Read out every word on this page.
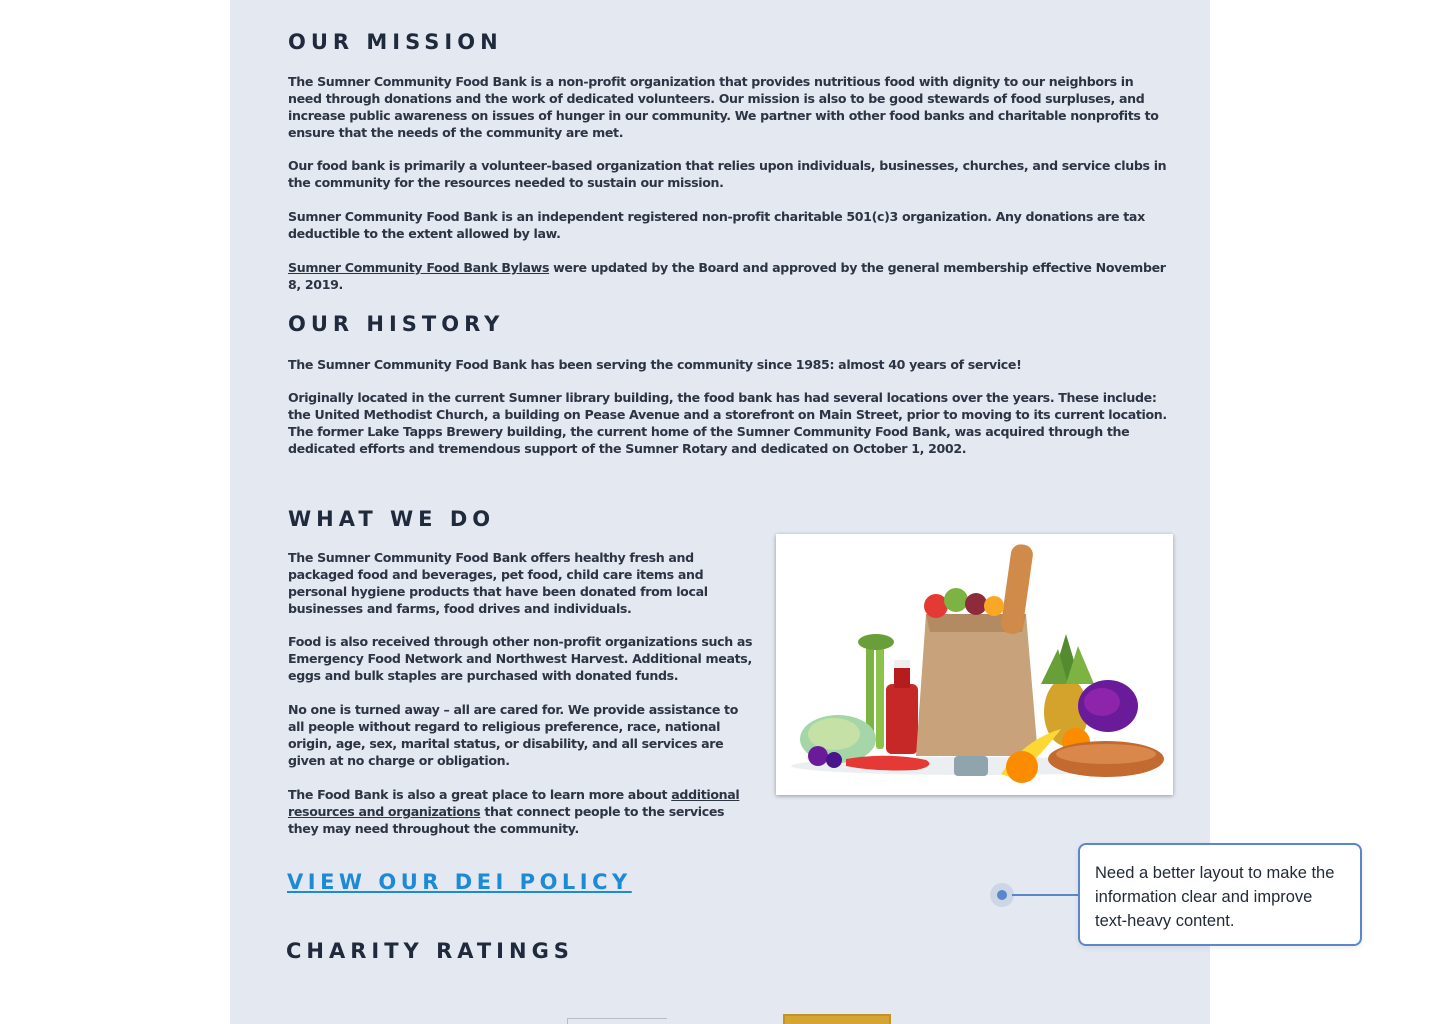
OUR MISSION

The Sumner Community Food Bank is a non-profit organization that provides nutritious food with dignity to our neighbors in need through donations and the work of dedicated volunteers. Our mission is also to be good stewards of food surpluses, and increase public awareness on issues of hunger in our community. We partner with other food banks and charitable nonprofits to ensure that the needs of the community are met.

Our food bank is primarily a volunteer-based organization that relies upon individuals, businesses, churches, and service clubs in the community for the resources needed to sustain our mission.

Sumner Community Food Bank is an independent registered non-profit charitable 501(c)3 organization. Any donations are tax deductible to the extent allowed by law.

Sumner Community Food Bank Bylaws were updated by the Board and approved by the general membership effective November 8, 2019.

OUR HISTORY

The Sumner Community Food Bank has been serving the community since 1985: almost 40 years of service!

Originally located in the current Sumner library building, the food bank has had several locations over the years. These include: the United Methodist Church, a building on Pease Avenue and a storefront on Main Street, prior to moving to its current location. The former Lake Tapps Brewery building, the current home of the Sumner Community Food Bank, was acquired through the dedicated efforts and tremendous support of the Sumner Rotary and dedicated on October 1, 2002.

WHAT WE DO

The Sumner Community Food Bank offers healthy fresh and packaged food and beverages, pet food, child care items and personal hygiene products that have been donated from local businesses and farms, food drives and individuals.

Food is also received through other non-profit organizations such as Emergency Food Network and Northwest Harvest. Additional meats, eggs and bulk staples are purchased with donated funds.

No one is turned away – all are cared for. We provide assistance to all people without regard to religious preference, race, national origin, age, sex, marital status, or disability, and all services are given at no charge or obligation.

The Food Bank is also a great place to learn more about additional resources and organizations that connect people to the services they may need throughout the community.

VIEW OUR DEI POLICY
CHARITY RATINGS
Need a better layout to make the information clear and improve text-heavy content.
